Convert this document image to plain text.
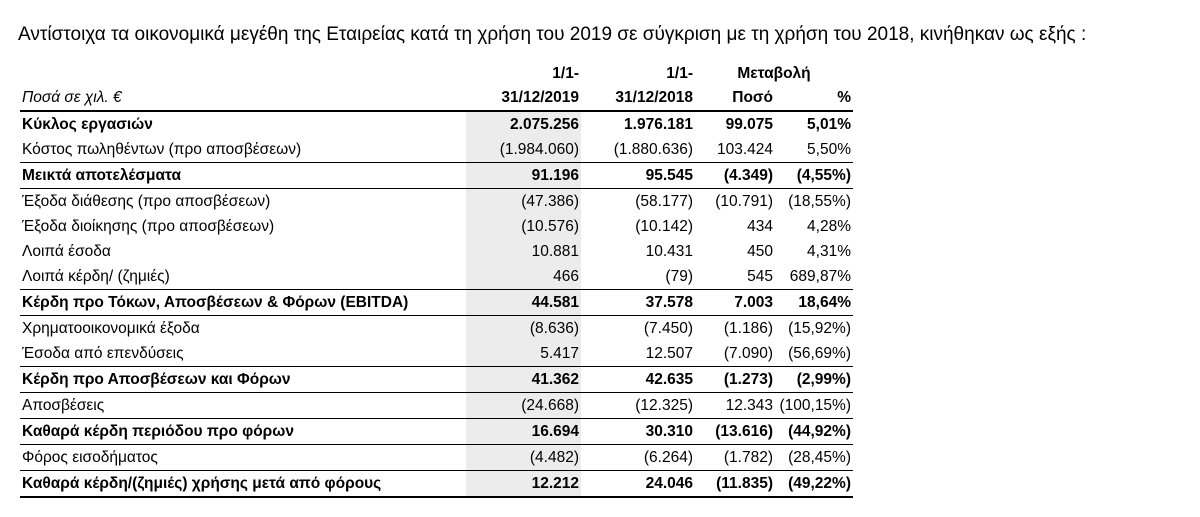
Αντίστοιχα τα οικονομικά μεγέθη της Εταιρείας κατά τη χρήση του 2019 σε σύγκριση με τη χρήση του 2018, κινήθηκαν ως εξής :
	1/1-	1/1-	Μεταβολή	
Ποσά σε χιλ. €	31/12/2019	31/12/2018	Ποσό	%
Κύκλος εργασιών	2.075.256	1.976.181	99.075	5,01%
Κόστος πωληθέντων (προ αποσβέσεων)	(1.984.060)	(1.880.636)	103.424	5,50%
Μεικτά αποτελέσματα	91.196	95.545	(4.349)	(4,55%)
Έξοδα διάθεσης (προ αποσβέσεων)	(47.386)	(58.177)	(10.791)	(18,55%)
Έξοδα διοίκησης (προ αποσβέσεων)	(10.576)	(10.142)	434	4,28%
Λοιπά έσοδα	10.881	10.431	450	4,31%
Λοιπά κέρδη/ (ζημιές)	466	(79)	545	689,87%
Κέρδη προ Τόκων, Αποσβέσεων & Φόρων (EBITDA)	44.581	37.578	7.003	18,64%
Χρηματοοικονομικά έξοδα	(8.636)	(7.450)	(1.186)	(15,92%)
Έσοδα από επενδύσεις	5.417	12.507	(7.090)	(56,69%)
Κέρδη προ Αποσβέσεων και Φόρων	41.362	42.635	(1.273)	(2,99%)
Αποσβέσεις	(24.668)	(12.325)	12.343	(100,15%)
Καθαρά κέρδη περιόδου προ φόρων	16.694	30.310	(13.616)	(44,92%)
Φόρος εισοδήματος	(4.482)	(6.264)	(1.782)	(28,45%)
Καθαρά κέρδη/(ζημιές) χρήσης μετά από φόρους	12.212	24.046	(11.835)	(49,22%)
